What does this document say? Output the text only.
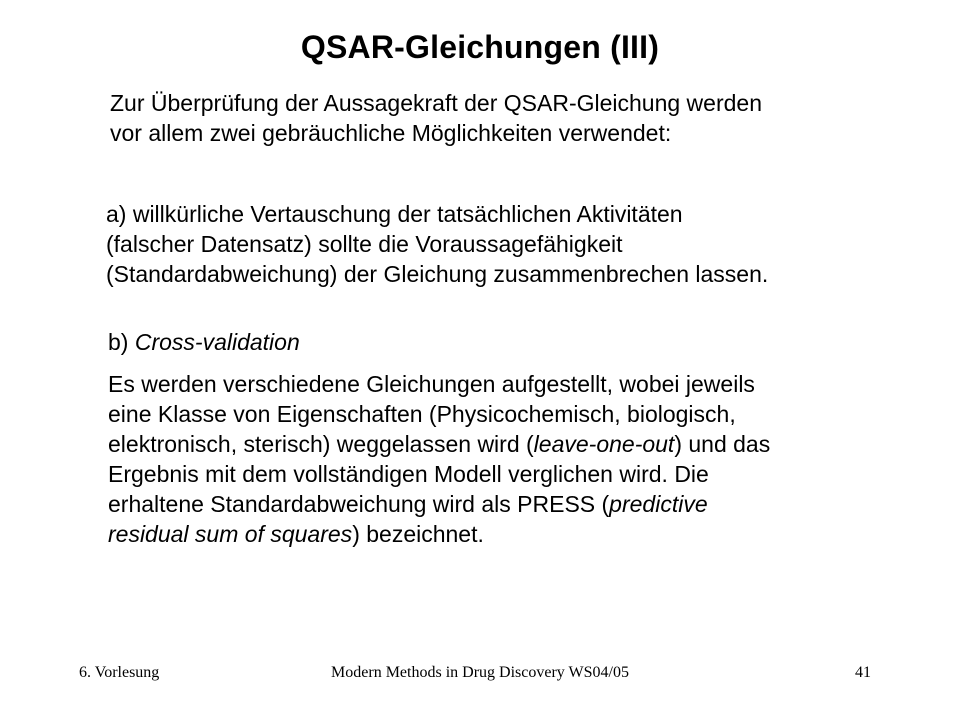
QSAR-Gleichungen (III)
Zur Überprüfung der Aussagekraft der QSAR-Gleichung werden
vor allem zwei gebräuchliche Möglichkeiten verwendet:
a) willkürliche Vertauschung der tatsächlichen Aktivitäten
(falscher Datensatz) sollte die Voraussagefähigkeit
(Standardabweichung) der Gleichung zusammenbrechen lassen.
b) Cross-validation
Es werden verschiedene Gleichungen aufgestellt, wobei jeweils
eine Klasse von Eigenschaften (Physicochemisch, biologisch,
elektronisch, sterisch) weggelassen wird (leave-one-out) und das
Ergebnis mit dem vollständigen Modell verglichen wird. Die
erhaltene Standardabweichung wird als PRESS (predictive
residual sum of squares) bezeichnet.
6. Vorlesung	Modern Methods in Drug Discovery WS04/05	41
